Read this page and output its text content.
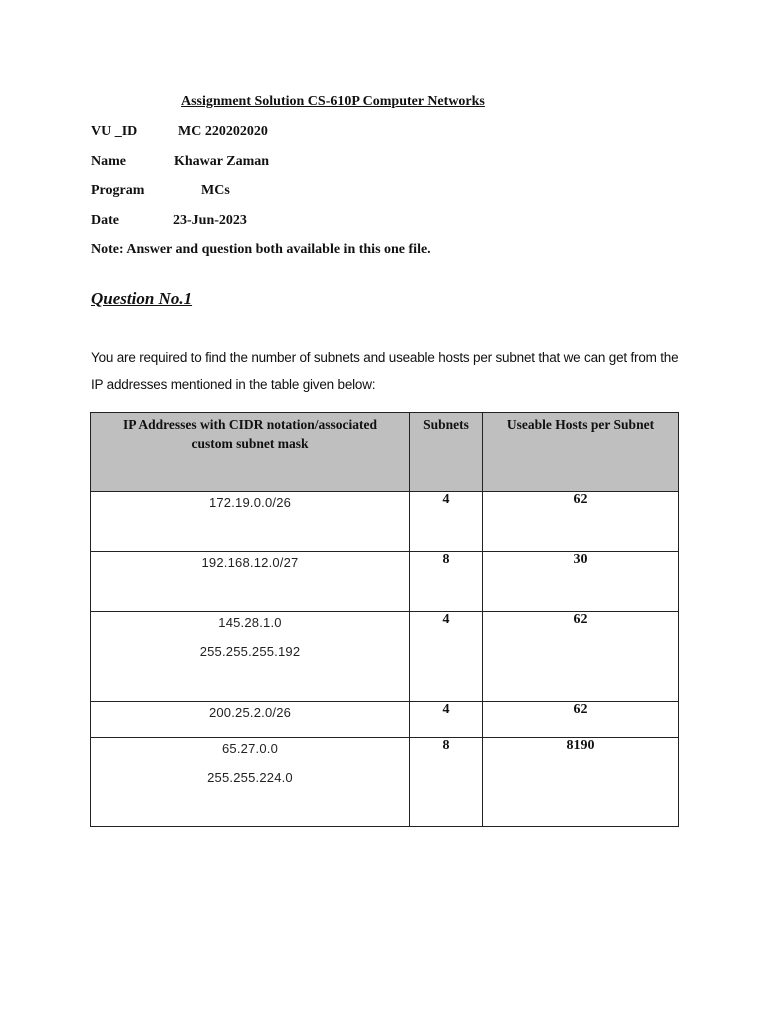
Assignment Solution CS-610P Computer Networks
VU _ID	MC 220202020
Name	Khawar Zaman
Program	MCs
Date	23-Jun-2023
Note: Answer and question both available in this one file.
Question No.1
You are required to find the number of subnets and useable hosts per subnet that we can get from the IP addresses mentioned in the table given below:
IP Addresses with CIDR notation/associated custom subnet mask	Subnets	Useable Hosts per Subnet

172.19.0.0/26	4	62

192.168.12.0/27	8	30

145.28.1.0
255.255.255.192	4	62

200.25.2.0/26	4	62

65.27.0.0
255.255.224.0	8	8190
